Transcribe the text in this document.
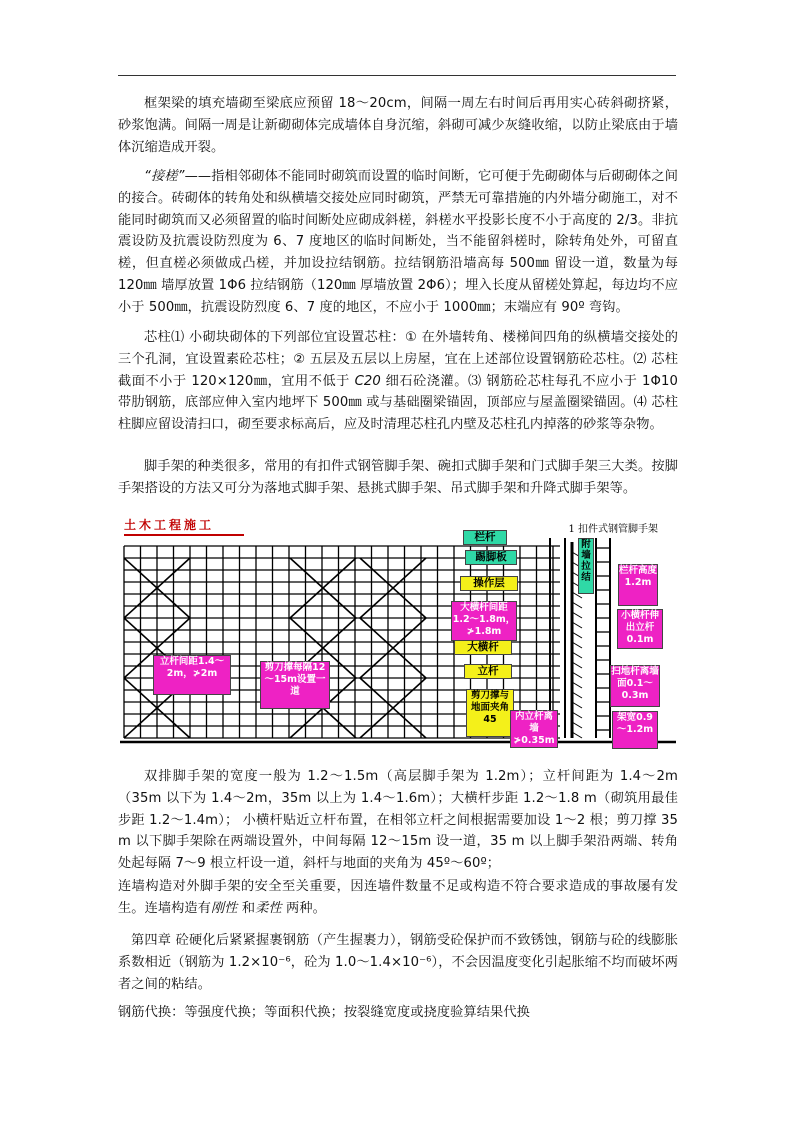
框架梁的填充墙砌至梁底应预留 18～20cm，间隔一周左右时间后再用实心砖斜砌挤紧，砂浆饱满。间隔一周是让新砌砌体完成墙体自身沉缩，斜砌可减少灰缝收缩，以防止梁底由于墙体沉缩造成开裂。

“接槎”——指相邻砌体不能同时砌筑而设置的临时间断，它可便于先砌砌体与后砌砌体之间的接合。砖砌体的转角处和纵横墙交接处应同时砌筑，严禁无可靠措施的内外墙分砌施工，对不能同时砌筑而又必须留置的临时间断处应砌成斜槎，斜槎水平投影长度不小于高度的 2/3。非抗震设防及抗震设防烈度为 6、7 度地区的临时间断处，当不能留斜槎时，除转角处外，可留直槎，但直槎必须做成凸槎，并加设拉结钢筋。拉结钢筋沿墙高每 500㎜ 留设一道，数量为每 120㎜ 墙厚放置 1Φ6 拉结钢筋（120㎜ 厚墙放置 2Φ6）；埋入长度从留槎处算起，每边均不应小于 500㎜，抗震设防烈度 6、7 度的地区，不应小于 1000㎜；末端应有 90º 弯钩。

芯柱⑴ 小砌块砌体的下列部位宜设置芯柱：① 在外墙转角、楼梯间四角的纵横墙交接处的三个孔洞，宜设置素砼芯柱；② 五层及五层以上房屋，宜在上述部位设置钢筋砼芯柱。⑵ 芯柱截面不小于 120×120㎜，宜用不低于 C20 细石砼浇灌。⑶ 钢筋砼芯柱每孔不应小于 1Φ10 带肋钢筋，底部应伸入室内地坪下 500㎜ 或与基础圈梁锚固，顶部应与屋盖圈梁锚固。⑷ 芯柱柱脚应留设清扫口，砌至要求标高后，应及时清理芯柱孔内壁及芯柱孔内掉落的砂浆等杂物。

脚手架的种类很多，常用的有扣件式钢管脚手架、碗扣式脚手架和门式脚手架三大类。按脚手架搭设的方法又可分为落地式脚手架、悬挑式脚手架、吊式脚手架和升降式脚手架等。

土木工程施工	1 扣件式钢管脚手架
栏杆
踢脚板
操作层
附墙拉结
栏杆高度1.2m
大横杆间距1.2～1.8m，≯1.8m
小横杆伸出立杆0.1m
大横杆
立杆
立杆间距1.4～2m，≯2m
剪刀撑每隔12～15m设置一道	剪刀撑与地面夹角45
扫地杆离墙面0.1～0.3m
内立杆离墙≯0.35m
架宽0.9～1.2m

双排脚手架的宽度一般为 1.2～1.5m（高层脚手架为 1.2m）；立杆间距为 1.4～2m（35m 以下为 1.4～2m，35m 以上为 1.4～1.6m）；大横杆步距 1.2～1.8 m（砌筑用最佳步距 1.2～1.4m）； 小横杆贴近立杆布置，在相邻立杆之间根据需要加设 1～2 根；剪刀撑 35 m 以下脚手架除在两端设置外，中间每隔 12～15m 设一道，35 m 以上脚手架沿两端、转角处起每隔 7～9 根立杆设一道，斜杆与地面的夹角为 45º～60º；

连墙构造对外脚手架的安全至关重要，因连墙件数量不足或构造不符合要求造成的事故屡有发生。连墙构造有刚性 和柔性 两种。

第四章 砼硬化后紧紧握裹钢筋（产生握裹力），钢筋受砼保护而不致锈蚀，钢筋与砼的线膨胀系数相近（钢筋为 1.2×10⁻⁶，砼为 1.0～1.4×10⁻⁶），不会因温度变化引起胀缩不均而破坏两者之间的粘结。

钢筋代换：等强度代换；等面积代换；按裂缝宽度或挠度验算结果代换
